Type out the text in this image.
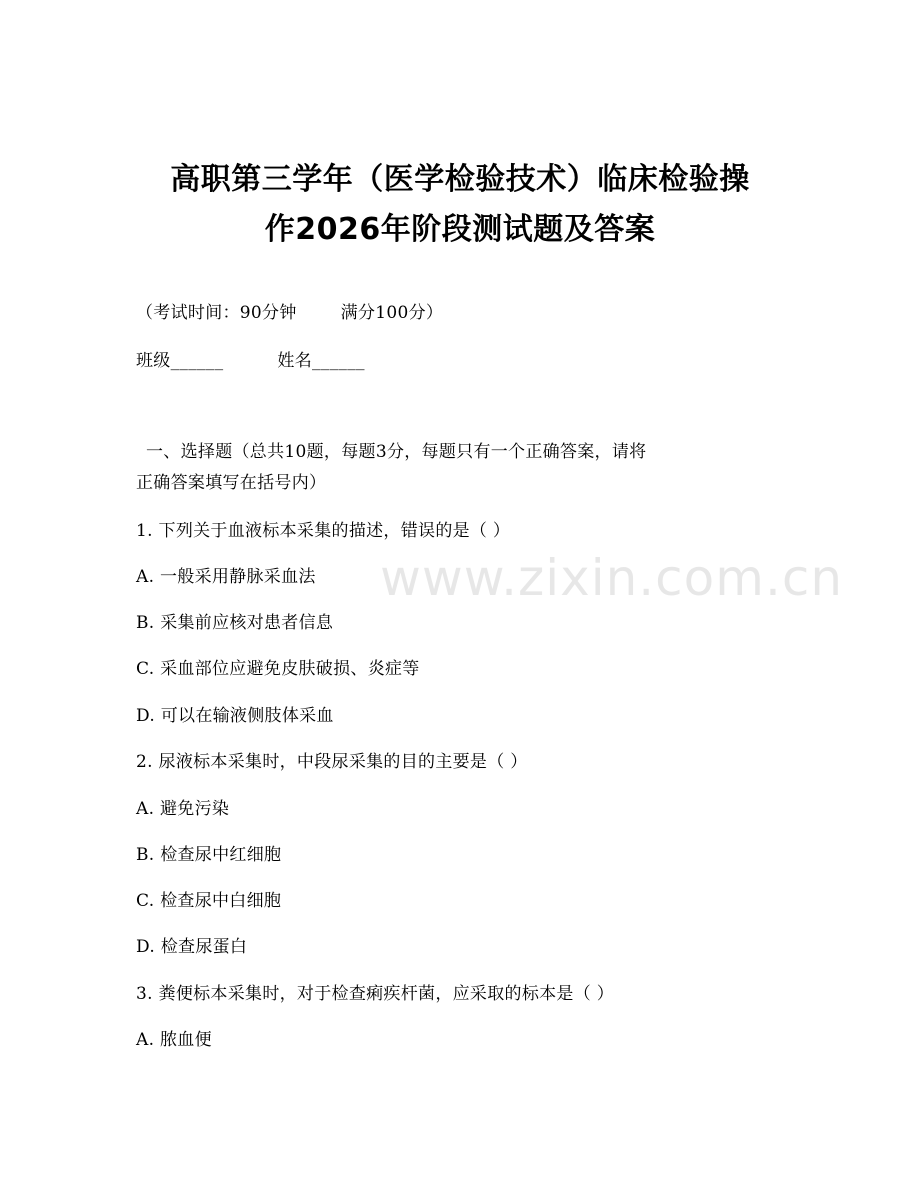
高职第三学年（医学检验技术）临床检验操
作2026年阶段测试题及答案
（考试时间：90分钟	满分100分）
班级______	姓名______
一、选择题（总共10题，每题3分，每题只有一个正确答案，请将
正确答案填写在括号内）
1. 下列关于血液标本采集的描述，错误的是（ ）
A. 一般采用静脉采血法
B. 采集前应核对患者信息
C. 采血部位应避免皮肤破损、炎症等
D. 可以在输液侧肢体采血
2. 尿液标本采集时，中段尿采集的目的主要是（ ）
A. 避免污染
B. 检查尿中红细胞
C. 检查尿中白细胞
D. 检查尿蛋白
3. 粪便标本采集时，对于检查痢疾杆菌，应采取的标本是（ ）
A. 脓血便
www.zixin.com.cn
